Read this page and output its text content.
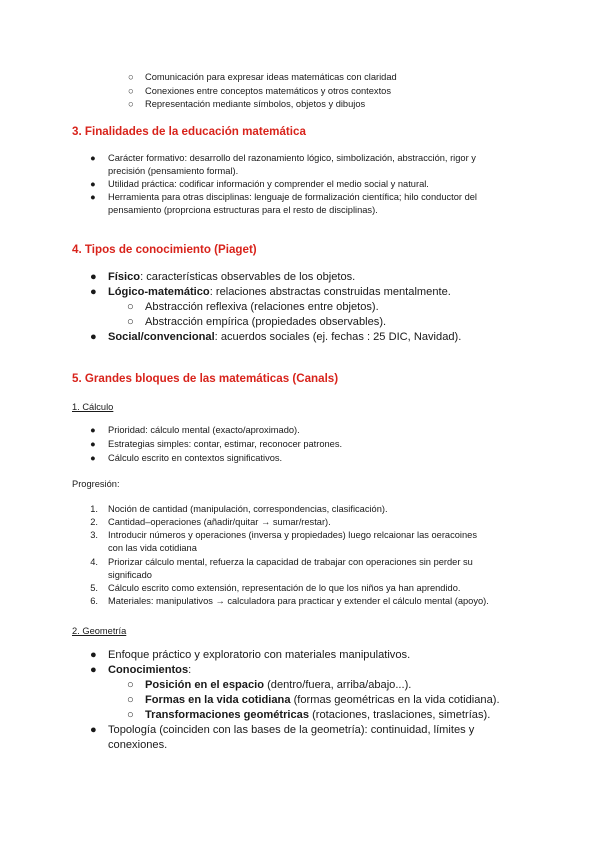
○ Comunicación para expresar ideas matemáticas con claridad
○ Conexiones entre conceptos matemáticos y otros contextos
○ Representación mediante símbolos, objetos y dibujos
3. Finalidades de la educación matemática
● Carácter formativo: desarrollo del razonamiento lógico, simbolización, abstracción, rigor y
precisión (pensamiento formal).
● Utilidad práctica: codificar información y comprender el medio social y natural.
● Herramienta para otras disciplinas: lenguaje de formalización científica; hilo conductor del
pensamiento (proprciona estructuras para el resto de disciplinas).
4. Tipos de conocimiento (Piaget)
● Físico: características observables de los objetos.
● Lógico-matemático: relaciones abstractas construidas mentalmente.
○ Abstracción reflexiva (relaciones entre objetos).
○ Abstracción empírica (propiedades observables).
● Social/convencional: acuerdos sociales (ej. fechas : 25 DIC, Navidad).
5. Grandes bloques de las matemáticas (Canals)
1. Cálculo
● Prioridad: cálculo mental (exacto/aproximado).
● Estrategias simples: contar, estimar, reconocer patrones.
● Cálculo escrito en contextos significativos.
Progresión:
1. Noción de cantidad (manipulación, correspondencias, clasificación).
2. Cantidad–operaciones (añadir/quitar → sumar/restar).
3. Introducir números y operaciones (inversa y propiedades) luego relcaionar las oeracoines
con las vida cotidiana
4. Priorizar cálculo mental, refuerza la capacidad de trabajar con operaciones sin perder su
significado
5. Cálculo escrito como extensión, representación de lo que los niños ya han aprendido.
6. Materiales: manipulativos → calculadora para practicar y extender el cálculo mental (apoyo).
2. Geometría
● Enfoque práctico y exploratorio con materiales manipulativos.
● Conocimientos:
○ Posición en el espacio (dentro/fuera, arriba/abajo...).
○ Formas en la vida cotidiana (formas geométricas en la vida cotidiana).
○ Transformaciones geométricas (rotaciones, traslaciones, simetrías).
● Topología (coinciden con las bases de la geometría): continuidad, límites y
conexiones.
